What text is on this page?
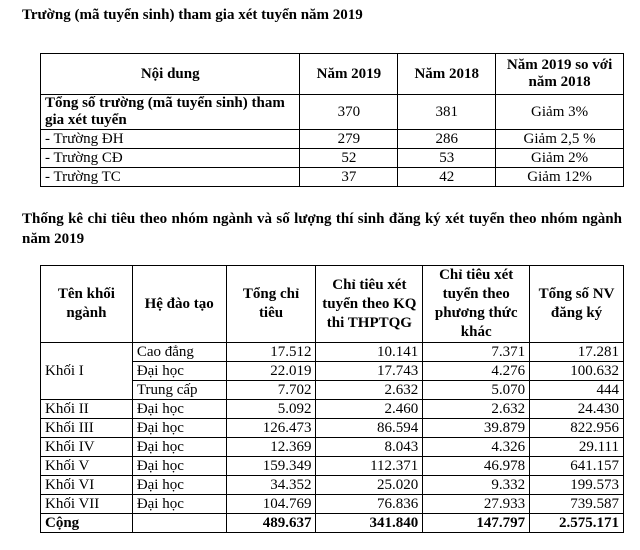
Trường (mã tuyển sinh) tham gia xét tuyển năm 2019
Nội dung	Năm 2019	Năm 2018	Năm 2019 so với năm 2018
Tổng số trường (mã tuyển sinh) tham gia xét tuyển	370	381	Giảm 3%
- Trường ĐH	279	286	Giảm 2,5 %
- Trường CĐ	52	53	Giảm 2%
- Trường TC	37	42	Giảm 12%
Thống kê chỉ tiêu theo nhóm ngành và số lượng thí sinh đăng ký xét tuyển theo nhóm ngành năm 2019
Tên khối ngành	Hệ đào tạo	Tổng chỉ tiêu	Chỉ tiêu xét tuyển theo KQ thi THPTQG	Chỉ tiêu xét tuyển theo phương thức khác	Tổng số NV đăng ký
Khối I	Cao đẳng	17.512	10.141	7.371	17.281
	Đại học	22.019	17.743	4.276	100.632
	Trung cấp	7.702	2.632	5.070	444
Khối II	Đại học	5.092	2.460	2.632	24.430
Khối III	Đại học	126.473	86.594	39.879	822.956
Khối IV	Đại học	12.369	8.043	4.326	29.111
Khối V	Đại học	159.349	112.371	46.978	641.157
Khối VI	Đại học	34.352	25.020	9.332	199.573
Khối VII	Đại học	104.769	76.836	27.933	739.587
Cộng		489.637	341.840	147.797	2.575.171
